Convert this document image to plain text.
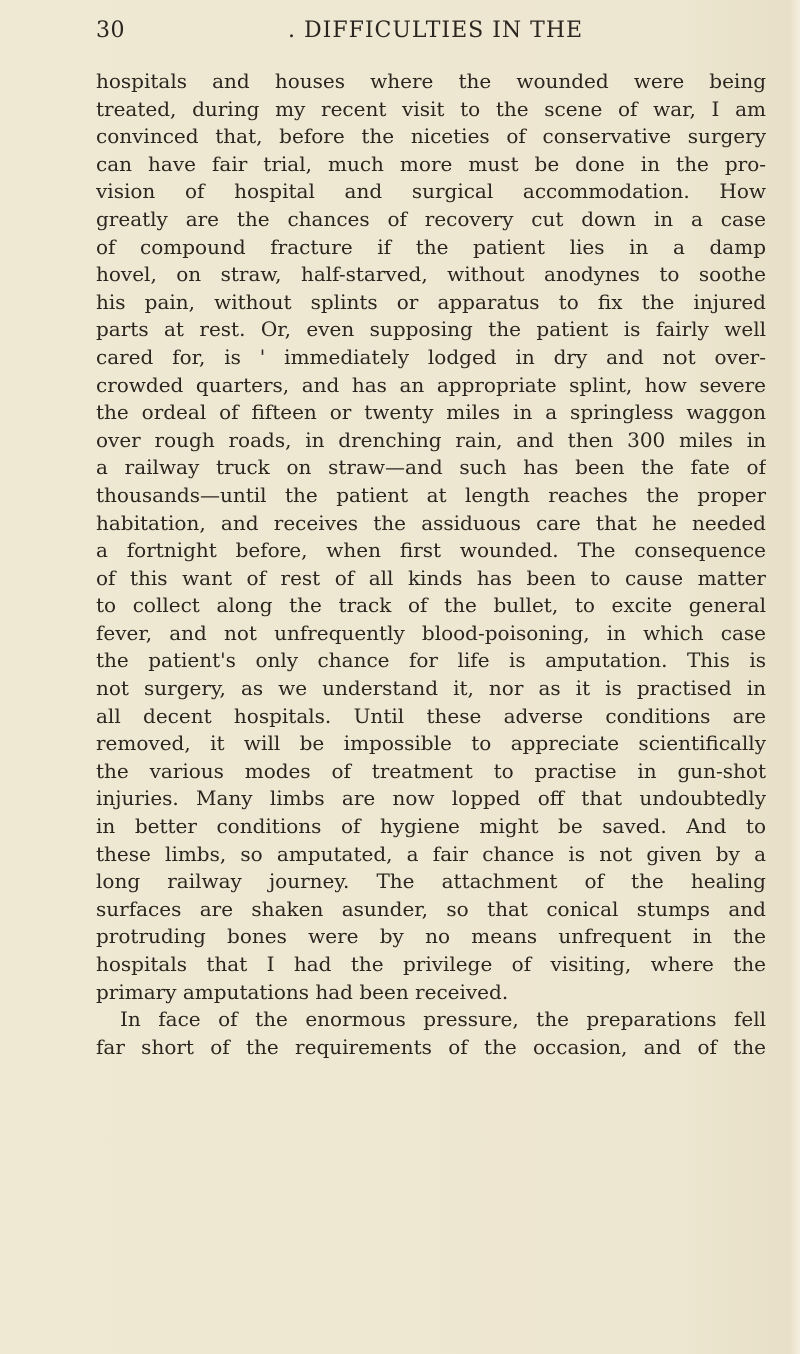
30	. DIFFICULTIES IN THE
hospitals and houses where the wounded were being
treated, during my recent visit to the scene of war, I am
convinced that, before the niceties of conservative surgery
can have fair trial, much more must be done in the pro-
vision of hospital and surgical accommodation. How
greatly are the chances of recovery cut down in a case
of compound fracture if the patient lies in a damp
hovel, on straw, half-starved, without anodynes to soothe
his pain, without splints or apparatus to fix the injured
parts at rest. Or, even supposing the patient is fairly well
cared for, is ' immediately lodged in dry and not over-
crowded quarters, and has an appropriate splint, how severe
the ordeal of fifteen or twenty miles in a springless waggon
over rough roads, in drenching rain, and then 300 miles in
a railway truck on straw—and such has been the fate of
thousands—until the patient at length reaches the proper
habitation, and receives the assiduous care that he needed
a fortnight before, when first wounded. The consequence
of this want of rest of all kinds has been to cause matter
to collect along the track of the bullet, to excite general
fever, and not unfrequently blood-poisoning, in which case
the patient's only chance for life is amputation. This is
not surgery, as we understand it, nor as it is practised in
all decent hospitals. Until these adverse conditions are
removed, it will be impossible to appreciate scientifically
the various modes of treatment to practise in gun-shot
injuries. Many limbs are now lopped off that undoubtedly
in better conditions of hygiene might be saved. And to
these limbs, so amputated, a fair chance is not given by a
long railway journey. The attachment of the healing
surfaces are shaken asunder, so that conical stumps and
protruding bones were by no means unfrequent in the
hospitals that I had the privilege of visiting, where the
primary amputations had been received.
In face of the enormous pressure, the preparations fell
far short of the requirements of the occasion, and of the
